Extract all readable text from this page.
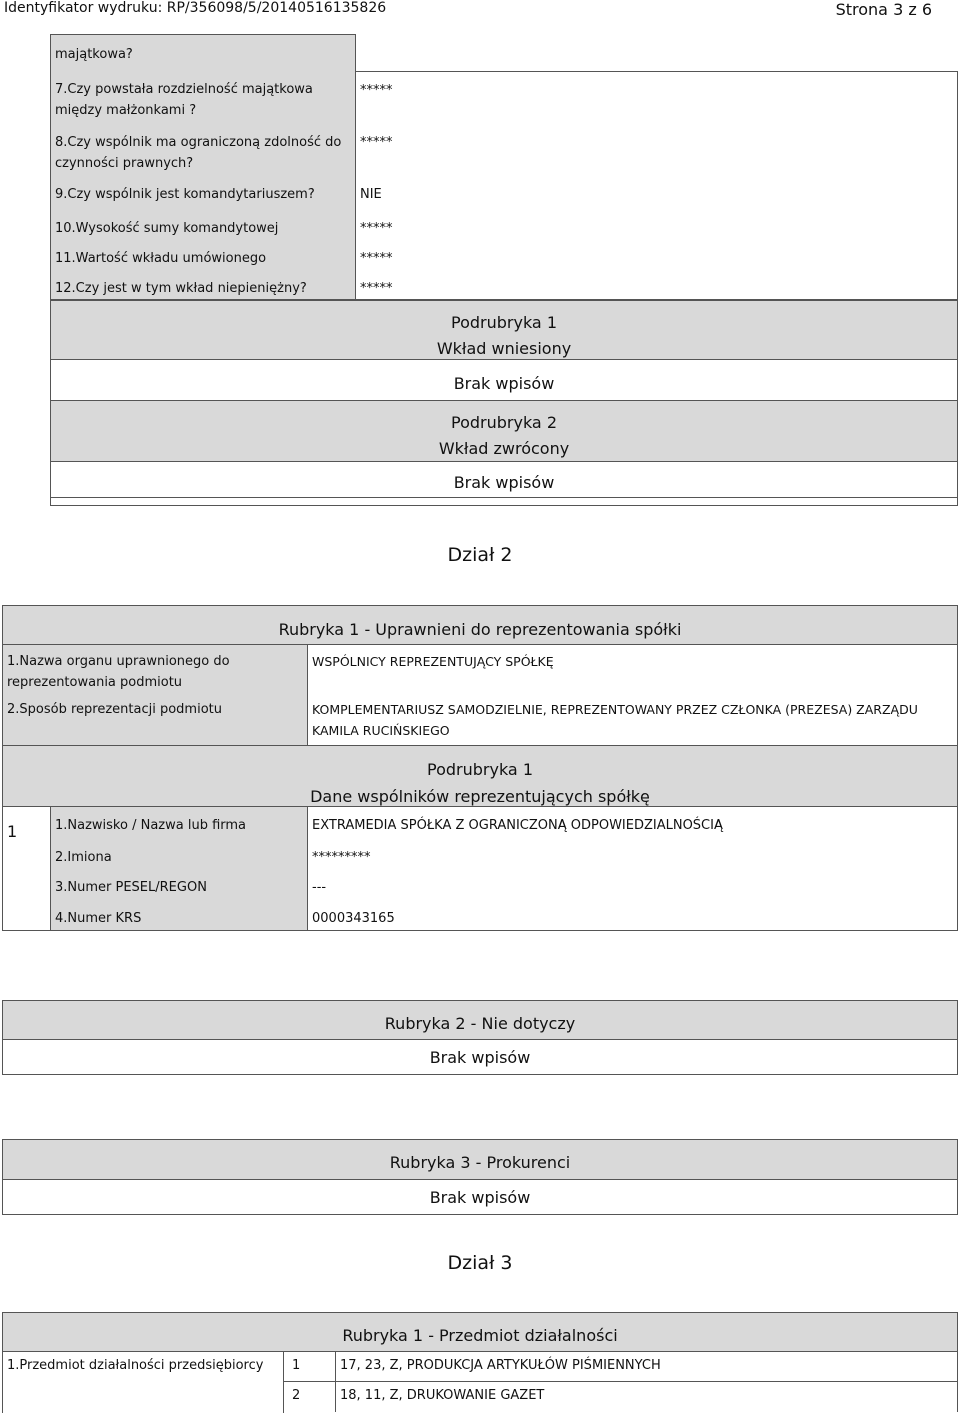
Identyfikator wydruku: RP/356098/5/20140516135826	Strona 3 z 6
majątkowa?
7.Czy powstała rozdzielność majątkowa
między małżonkami ?
*****
8.Czy wspólnik ma ograniczoną zdolność do
czynności prawnych?
*****
9.Czy wspólnik jest komandytariuszem?	NIE
10.Wysokość sumy komandytowej	*****
11.Wartość wkładu umówionego	*****
12.Czy jest w tym wkład niepieniężny?	*****
Podrubryka 1
Wkład wniesiony
Brak wpisów
Podrubryka 2
Wkład zwrócony
Brak wpisów
Dział 2
Rubryka 1 - Uprawnieni do reprezentowania spółki
1.Nazwa organu uprawnionego do
reprezentowania podmiotu
WSPÓLNICY REPREZENTUJĄCY SPÓŁKĘ
2.Sposób reprezentacji podmiotu	KOMPLEMENTARIUSZ SAMODZIELNIE, REPREZENTOWANY PRZEZ CZŁONKA (PREZESA) ZARZĄDU
KAMILA RUCIŃSKIEGO
Podrubryka 1
Dane wspólników reprezentujących spółkę
1	1.Nazwisko / Nazwa lub firma	EXTRAMEDIA SPÓŁKA Z OGRANICZONĄ ODPOWIEDZIALNOŚCIĄ
2.Imiona	*********
3.Numer PESEL/REGON	---
4.Numer KRS	0000343165
Rubryka 2 - Nie dotyczy
Brak wpisów
Rubryka 3 - Prokurenci
Brak wpisów
Dział 3
Rubryka 1 - Przedmiot działalności
1.Przedmiot działalności przedsiębiorcy	1	17, 23, Z, PRODUKCJA ARTYKUŁÓW PIŚMIENNYCH
2	18, 11, Z, DRUKOWANIE GAZET
